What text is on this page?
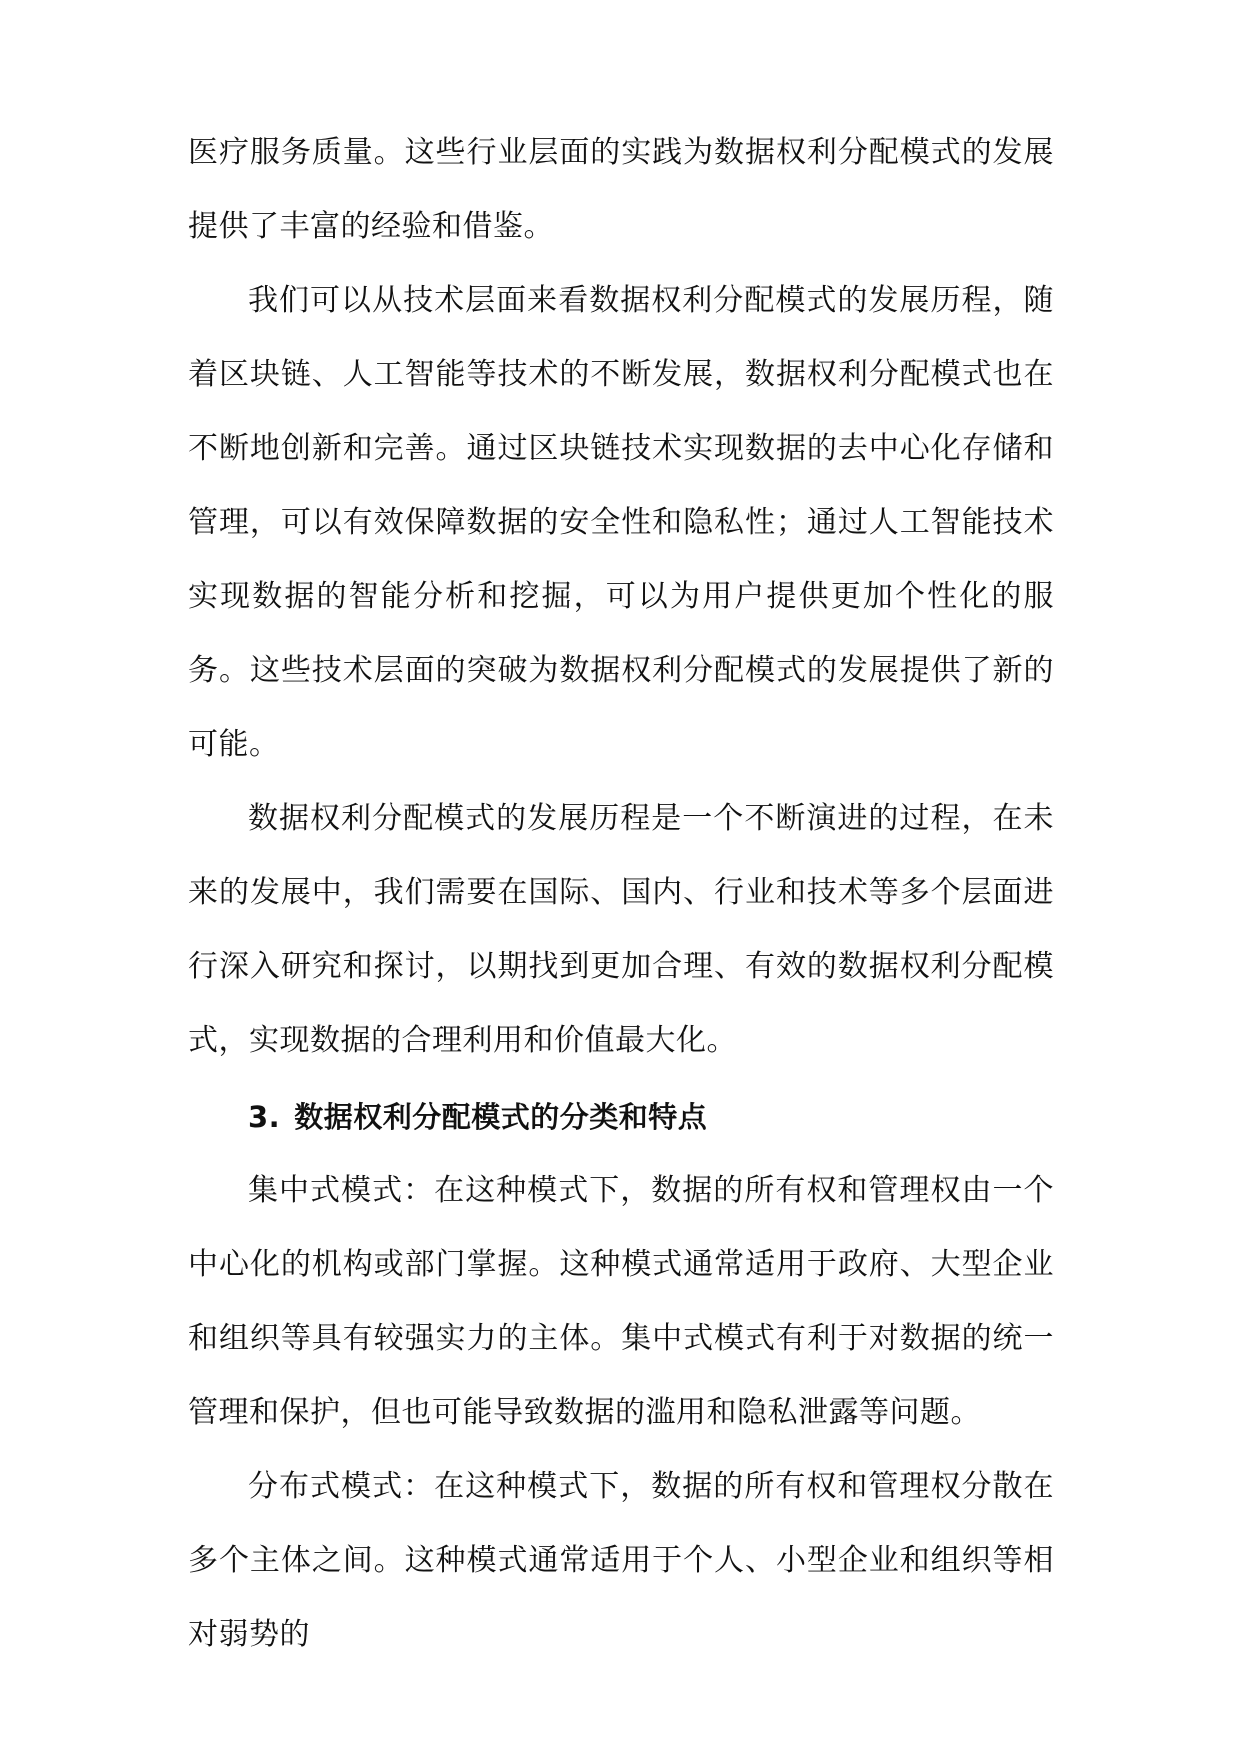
医疗服务质量。这些行业层面的实践为数据权利分配模式的发展提供了丰富的经验和借鉴。

我们可以从技术层面来看数据权利分配模式的发展历程，随着区块链、人工智能等技术的不断发展，数据权利分配模式也在不断地创新和完善。通过区块链技术实现数据的去中心化存储和管理，可以有效保障数据的安全性和隐私性；通过人工智能技术实现数据的智能分析和挖掘，可以为用户提供更加个性化的服务。这些技术层面的突破为数据权利分配模式的发展提供了新的可能。

数据权利分配模式的发展历程是一个不断演进的过程，在未来的发展中，我们需要在国际、国内、行业和技术等多个层面进行深入研究和探讨，以期找到更加合理、有效的数据权利分配模式，实现数据的合理利用和价值最大化。

3. 数据权利分配模式的分类和特点

集中式模式：在这种模式下，数据的所有权和管理权由一个中心化的机构或部门掌握。这种模式通常适用于政府、大型企业和组织等具有较强实力的主体。集中式模式有利于对数据的统一管理和保护，但也可能导致数据的滥用和隐私泄露等问题。

分布式模式：在这种模式下，数据的所有权和管理权分散在多个主体之间。这种模式通常适用于个人、小型企业和组织等相对弱势的
